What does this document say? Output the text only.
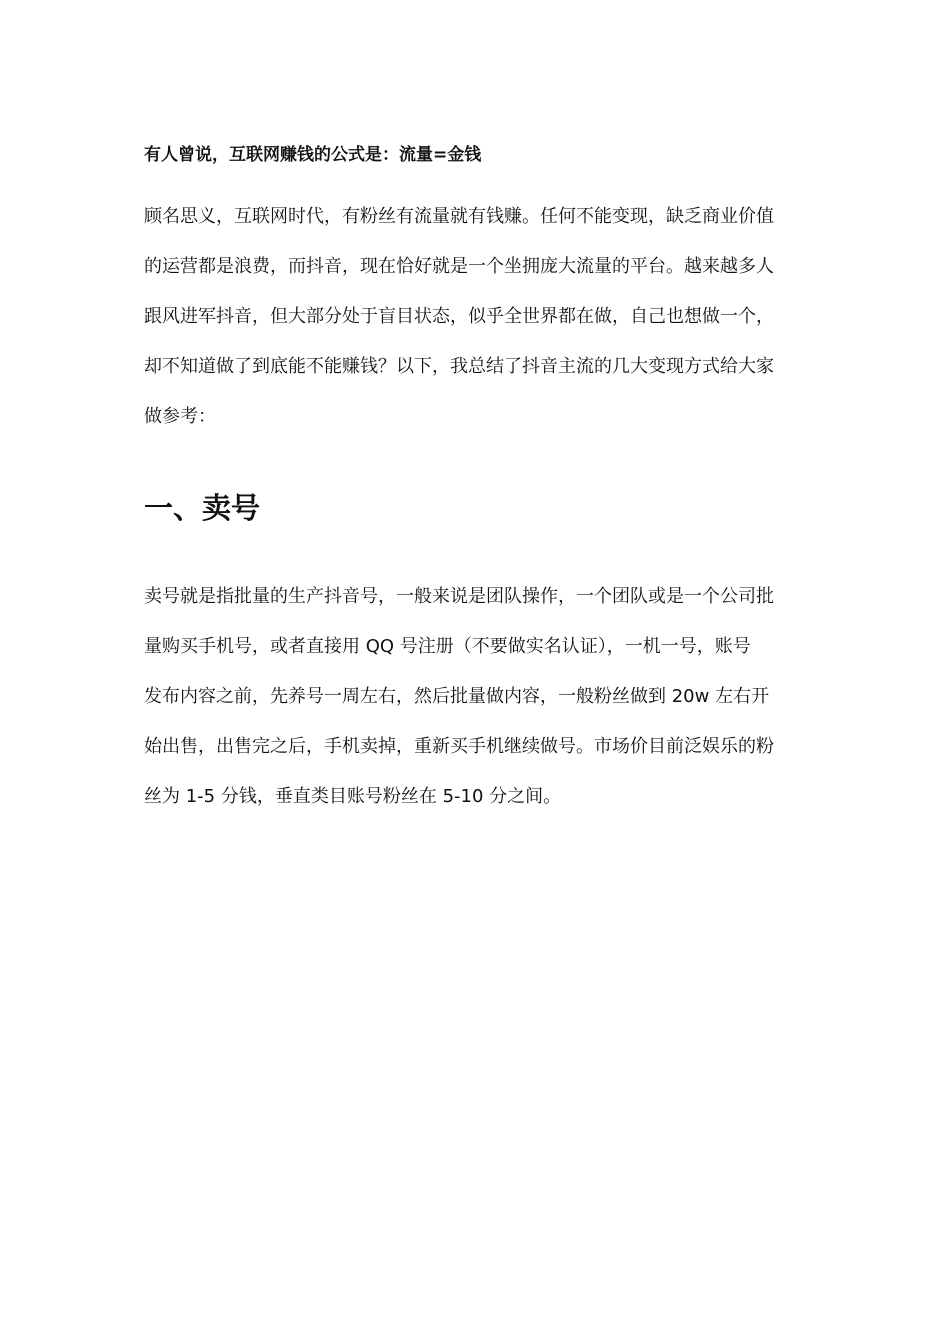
有人曾说，互联网赚钱的公式是：流量=金钱

顾名思义，互联网时代，有粉丝有流量就有钱赚。任何不能变现，缺乏商业价值
的运营都是浪费，而抖音，现在恰好就是一个坐拥庞大流量的平台。越来越多人
跟风进军抖音，但大部分处于盲目状态，似乎全世界都在做，自己也想做一个，
却不知道做了到底能不能赚钱？以下，我总结了抖音主流的几大变现方式给大家
做参考：
一、卖号
卖号就是指批量的生产抖音号，一般来说是团队操作，一个团队或是一个公司批
量购买手机号，或者直接用 QQ 号注册（不要做实名认证），一机一号，账号
发布内容之前，先养号一周左右，然后批量做内容，一般粉丝做到 20w 左右开
始出售，出售完之后，手机卖掉，重新买手机继续做号。市场价目前泛娱乐的粉
丝为 1-5 分钱，垂直类目账号粉丝在 5-10 分之间。
